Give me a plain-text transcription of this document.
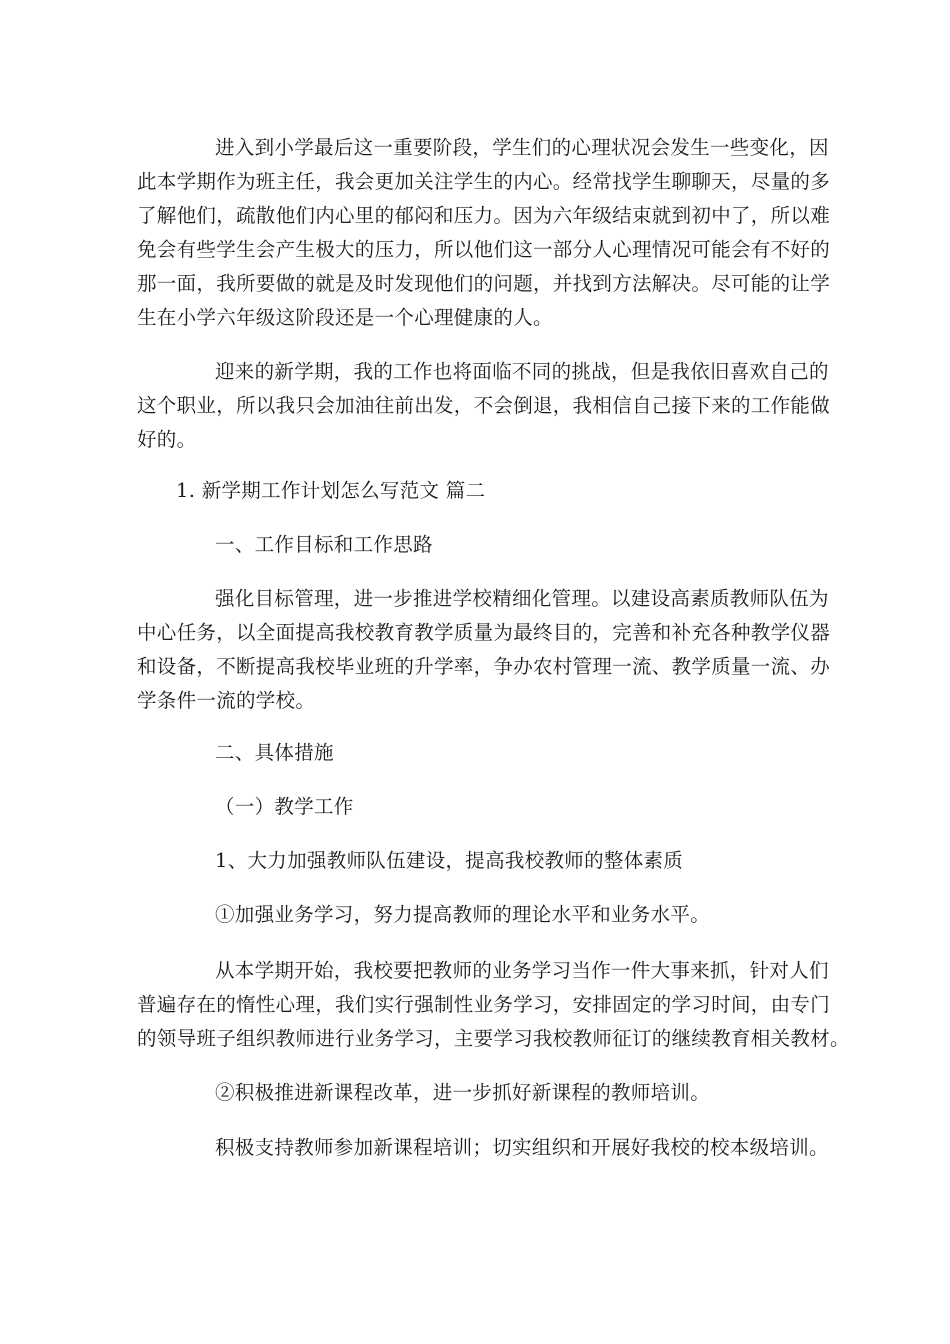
进入到小学最后这一重要阶段，学生们的心理状况会发生一些变化，因
此本学期作为班主任，我会更加关注学生的内心。经常找学生聊聊天，尽量的多
了解他们，疏散他们内心里的郁闷和压力。因为六年级结束就到初中了，所以难
免会有些学生会产生极大的压力，所以他们这一部分人心理情况可能会有不好的
那一面，我所要做的就是及时发现他们的问题，并找到方法解决。尽可能的让学
生在小学六年级这阶段还是一个心理健康的人。
迎来的新学期，我的工作也将面临不同的挑战，但是我依旧喜欢自己的
这个职业，所以我只会加油往前出发，不会倒退，我相信自己接下来的工作能做
好的。
1. 新学期工作计划怎么写范文 篇二
一、工作目标和工作思路
强化目标管理，进一步推进学校精细化管理。以建设高素质教师队伍为
中心任务，以全面提高我校教育教学质量为最终目的，完善和补充各种教学仪器
和设备，不断提高我校毕业班的升学率，争办农村管理一流、教学质量一流、办
学条件一流的学校。
二、具体措施
（一）教学工作
1、大力加强教师队伍建设，提高我校教师的整体素质
①加强业务学习，努力提高教师的理论水平和业务水平。
从本学期开始，我校要把教师的业务学习当作一件大事来抓，针对人们
普遍存在的惰性心理，我们实行强制性业务学习，安排固定的学习时间，由专门
的领导班子组织教师进行业务学习，主要学习我校教师征订的继续教育相关教材。
②积极推进新课程改革，进一步抓好新课程的教师培训。
积极支持教师参加新课程培训；切实组织和开展好我校的校本级培训。
